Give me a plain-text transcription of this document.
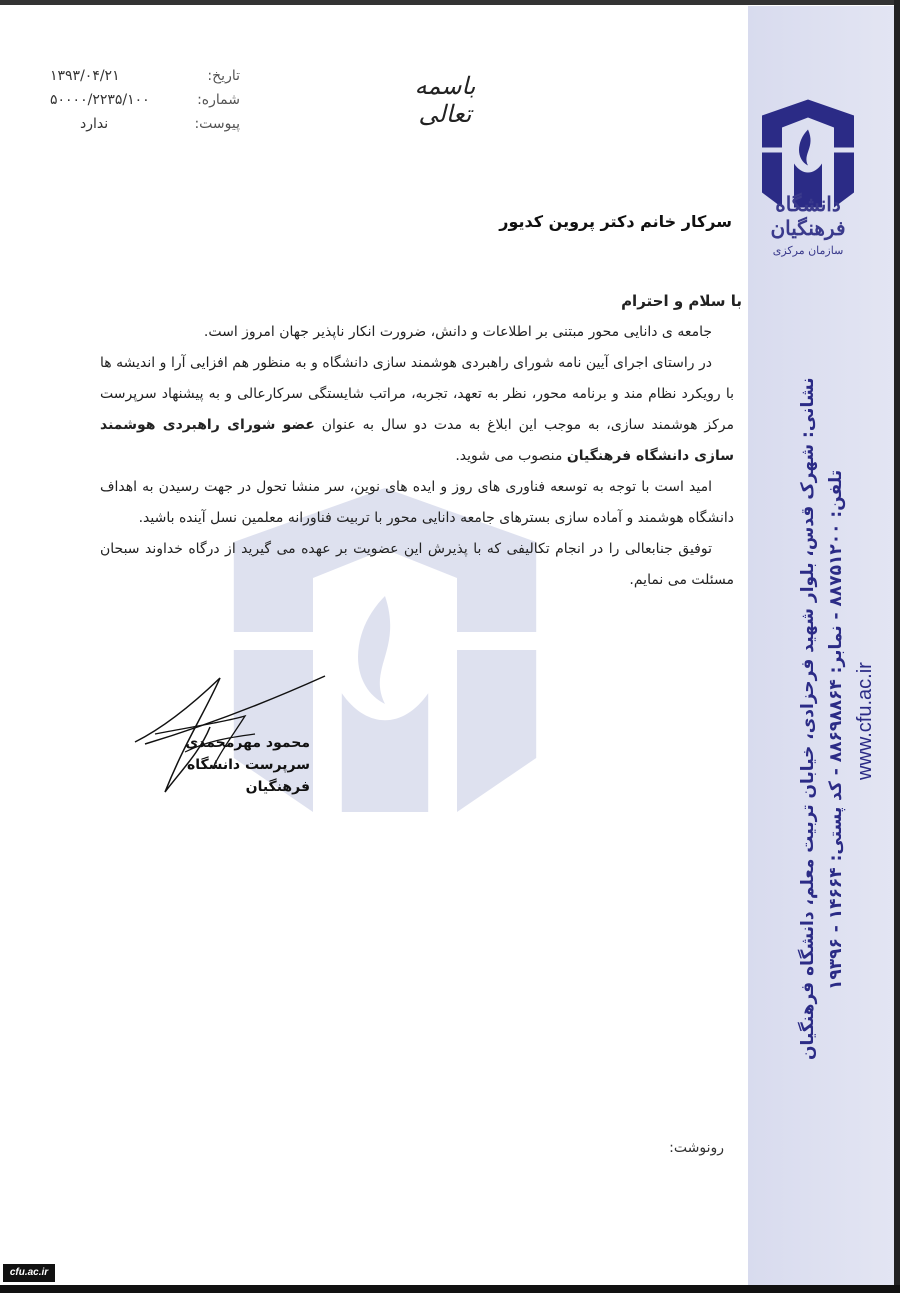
دانشگاه فرهنگیان
سازمان مرکزی
نشانی: شهرک قدس، بلوار شهید فرحزادی، خیابان تربیت معلم، دانشگاه فرهنگیان تلفن: ۸۸۷۵۱۲۰۰ - نمابر: ۸۸۶۹۸۸۶۴ - کد پستی: ۱۴۶۶۴ - ۱۹۳۹۶
www.cfu.ac.ir
باسمه تعالی
تاریخ:
۱۳۹۳/۰۴/۲۱
شماره:
۵۰۰۰۰/۲۲۳۵/۱۰۰
پیوست:
ندارد
سرکار خانم دکتر پروین کدیور

با سلام و احترام

جامعه ی دانایی محور مبتنی بر اطلاعات و دانش، ضرورت انکار ناپذیر جهان امروز است.

در راستای اجرای آیین نامه شورای راهبردی هوشمند سازی دانشگاه و به منظور هم افزایی آرا و اندیشه ها با رویکرد نظام مند و برنامه محور، نظر به تعهد، تجربه، مراتب شایستگی سرکارعالی و به پیشنهاد سرپرست مرکز هوشمند سازی، به موجب این ابلاغ به مدت دو سال به عنوان عضو شورای راهبردی هوشمند سازی دانشگاه فرهنگیان منصوب می شوید.

امید است با توجه به توسعه فناوری های روز و ایده های نوین، سر منشا تحول در جهت رسیدن به اهداف دانشگاه هوشمند و آماده سازی بسترهای جامعه دانایی محور با تربیت فناورانه معلمین نسل آینده باشید.

توفیق جنابعالی را در انجام تکالیفی که با پذیرش این عضویت بر عهده می گیرید از درگاه خداوند سبحان مسئلت می نمایم.

محمود مهرمحمدی
سرپرست دانشگاه فرهنگیان
رونوشت:
cfu.ac.ir
